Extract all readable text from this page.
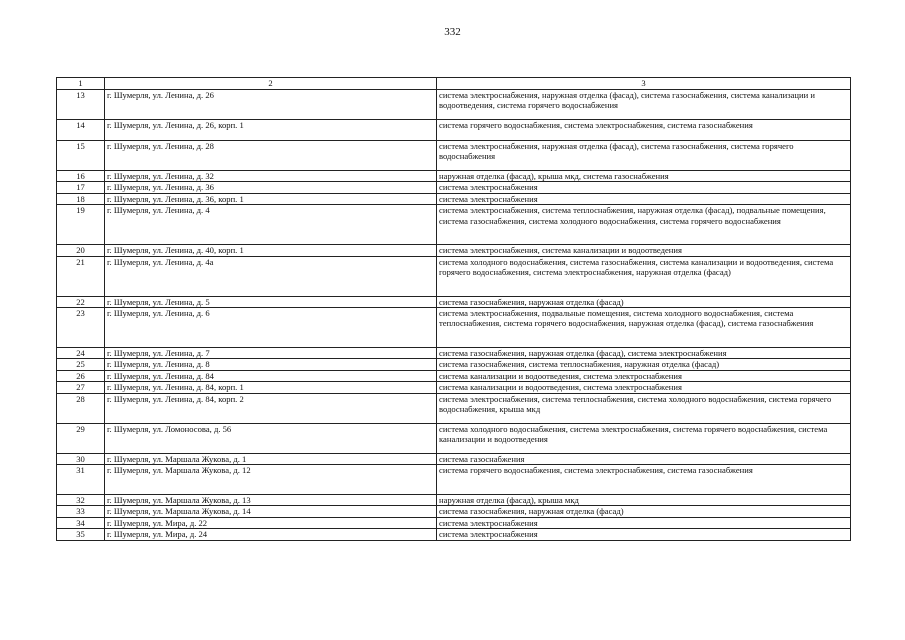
332
1	2	3
13	г. Шумерля, ул. Ленина, д. 26	система электроснабжения, наружная отделка (фасад), система газоснабжения, система канализации и водоотведения, система горячего водоснабжения
14	г. Шумерля, ул. Ленина, д. 26, корп. 1	система горячего водоснабжения, система электроснабжения, система газоснабжения
15	г. Шумерля, ул. Ленина, д. 28	система электроснабжения, наружная отделка (фасад), система газоснабжения, система горячего водоснабжения
16	г. Шумерля, ул. Ленина, д. 32	наружная отделка (фасад), крыша мкд, система газоснабжения
17	г. Шумерля, ул. Ленина, д. 36	система электроснабжения
18	г. Шумерля, ул. Ленина, д. 36, корп. 1	система электроснабжения
19	г. Шумерля, ул. Ленина, д. 4	система электроснабжения, система теплоснабжения, наружная отделка (фасад), подвальные помещения, система газоснабжения, система холодного водоснабжения, система горячего водоснабжения
20	г. Шумерля, ул. Ленина, д. 40, корп. 1	система электроснабжения, система канализации и водоотведения
21	г. Шумерля, ул. Ленина, д. 4а	система холодного водоснабжения, система газоснабжения, система канализации и водоотведения, система горячего водоснабжения, система электроснабжения, наружная отделка (фасад)
22	г. Шумерля, ул. Ленина, д. 5	система газоснабжения, наружная отделка (фасад)
23	г. Шумерля, ул. Ленина, д. 6	система электроснабжения, подвальные помещения, система холодного водоснабжения, система теплоснабжения, система горячего водоснабжения, наружная отделка (фасад), система газоснабжения
24	г. Шумерля, ул. Ленина, д. 7	система газоснабжения, наружная отделка (фасад), система электроснабжения
25	г. Шумерля, ул. Ленина, д. 8	система газоснабжения, система теплоснабжения, наружная отделка (фасад)
26	г. Шумерля, ул. Ленина, д. 84	система канализации и водоотведения, система электроснабжения
27	г. Шумерля, ул. Ленина, д. 84, корп. 1	система канализации и водоотведения, система электроснабжения
28	г. Шумерля, ул. Ленина, д. 84, корп. 2	система электроснабжения, система теплоснабжения, система холодного водоснабжения, система горячего водоснабжения, крыша мкд
29	г. Шумерля, ул. Ломоносова, д. 56	система холодного водоснабжения, система электроснабжения, система горячего водоснабжения, система канализации и водоотведения
30	г. Шумерля, ул. Маршала Жукова, д. 1	система газоснабжения
31	г. Шумерля, ул. Маршала Жукова, д. 12	система горячего водоснабжения, система электроснабжения, система газоснабжения
32	г. Шумерля, ул. Маршала Жукова, д. 13	наружная отделка (фасад), крыша мкд
33	г. Шумерля, ул. Маршала Жукова, д. 14	система газоснабжения, наружная отделка (фасад)
34	г. Шумерля, ул. Мира, д. 22	система электроснабжения
35	г. Шумерля, ул. Мира, д. 24	система электроснабжения
